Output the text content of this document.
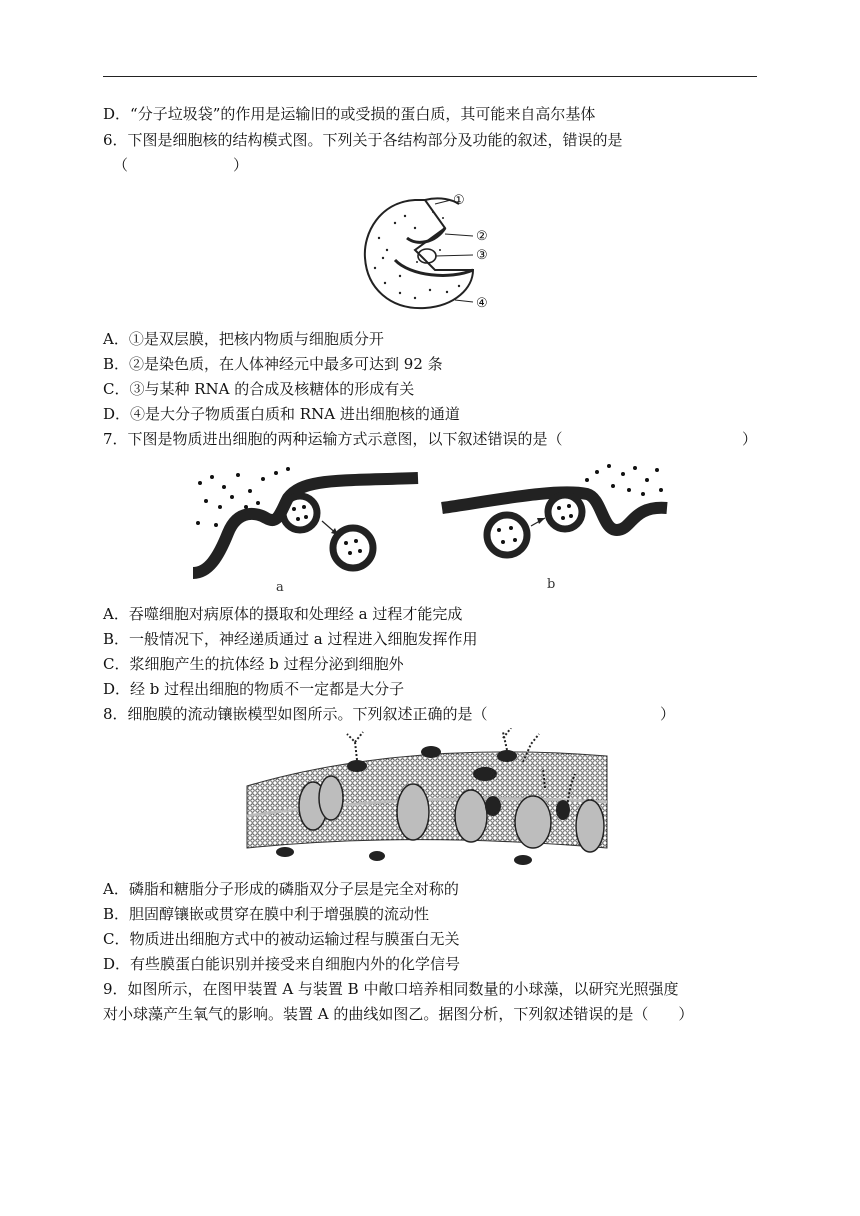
D．“分子垃圾袋”的作用是运输旧的或受损的蛋白质，其可能来自高尔基体
6．下图是细胞核的结构模式图。下列关于各结构部分及功能的叙述，错误的是
（　　　　　　　）
①
②
③
④
A．①是双层膜，把核内物质与细胞质分开
B．②是染色质，在人体神经元中最多可达到 92 条
C．③与某种 RNA 的合成及核糖体的形成有关
D．④是大分子物质蛋白质和 RNA 进出细胞核的通道
7．下图是物质进出细胞的两种运输方式示意图，以下叙述错误的是（	）
a	b
A．吞噬细胞对病原体的摄取和处理经 a 过程才能完成
B．一般情况下，神经递质通过 a 过程进入细胞发挥作用
C．浆细胞产生的抗体经 b 过程分泌到细胞外
D．经 b 过程出细胞的物质不一定都是大分子
8．细胞膜的流动镶嵌模型如图所示。下列叙述正确的是（	）
A．磷脂和糖脂分子形成的磷脂双分子层是完全对称的
B．胆固醇镶嵌或贯穿在膜中利于增强膜的流动性
C．物质进出细胞方式中的被动运输过程与膜蛋白无关
D．有些膜蛋白能识别并接受来自细胞内外的化学信号
9．如图所示，在图甲装置 A 与装置 B 中敞口培养相同数量的小球藻，以研究光照强度
对小球藻产生氧气的影响。装置 A 的曲线如图乙。据图分析，下列叙述错误的是（　　）
